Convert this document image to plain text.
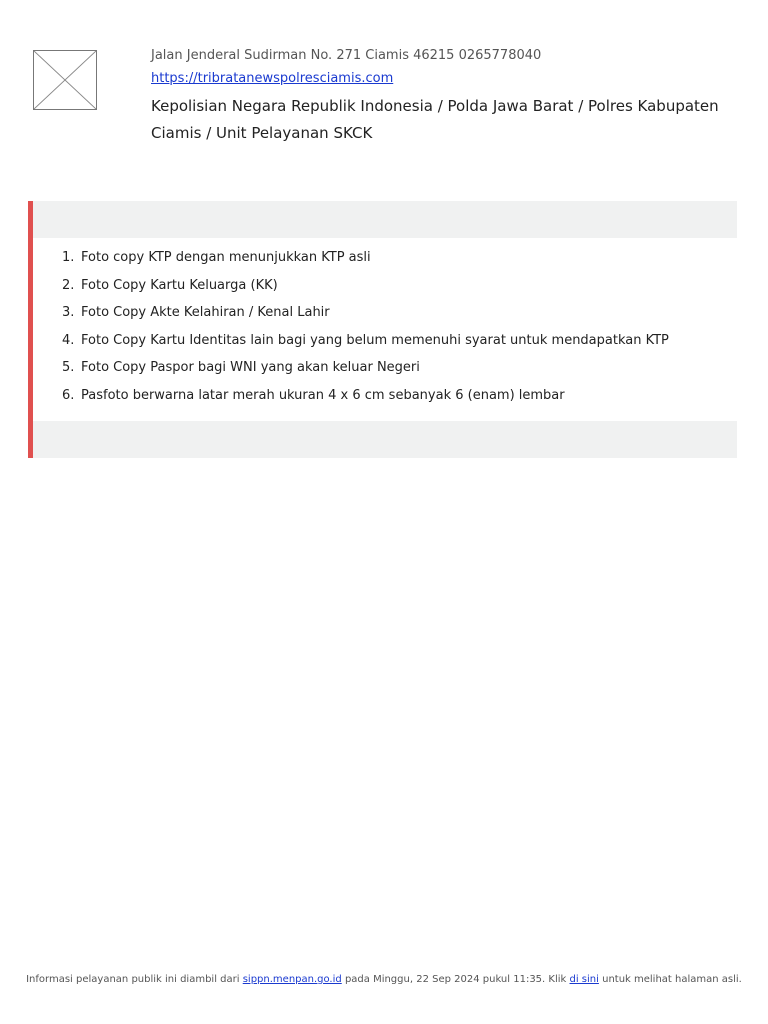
Jalan Jenderal Sudirman No. 271 Ciamis 46215 0265778040
https://tribratanewspolresciamis.com
Kepolisian Negara Republik Indonesia / Polda Jawa Barat / Polres Kabupaten Ciamis / Unit Pelayanan SKCK
1. Foto copy KTP dengan menunjukkan KTP asli
2. Foto Copy Kartu Keluarga (KK)
3. Foto Copy Akte Kelahiran / Kenal Lahir
4. Foto Copy Kartu Identitas lain bagi yang belum memenuhi syarat untuk mendapatkan KTP
5. Foto Copy Paspor bagi WNI yang akan keluar Negeri
6. Pasfoto berwarna latar merah ukuran 4 x 6 cm sebanyak 6 (enam) lembar
Informasi pelayanan publik ini diambil dari sippn.menpan.go.id pada Minggu, 22 Sep 2024 pukul 11:35. Klik di sini untuk melihat halaman asli.
